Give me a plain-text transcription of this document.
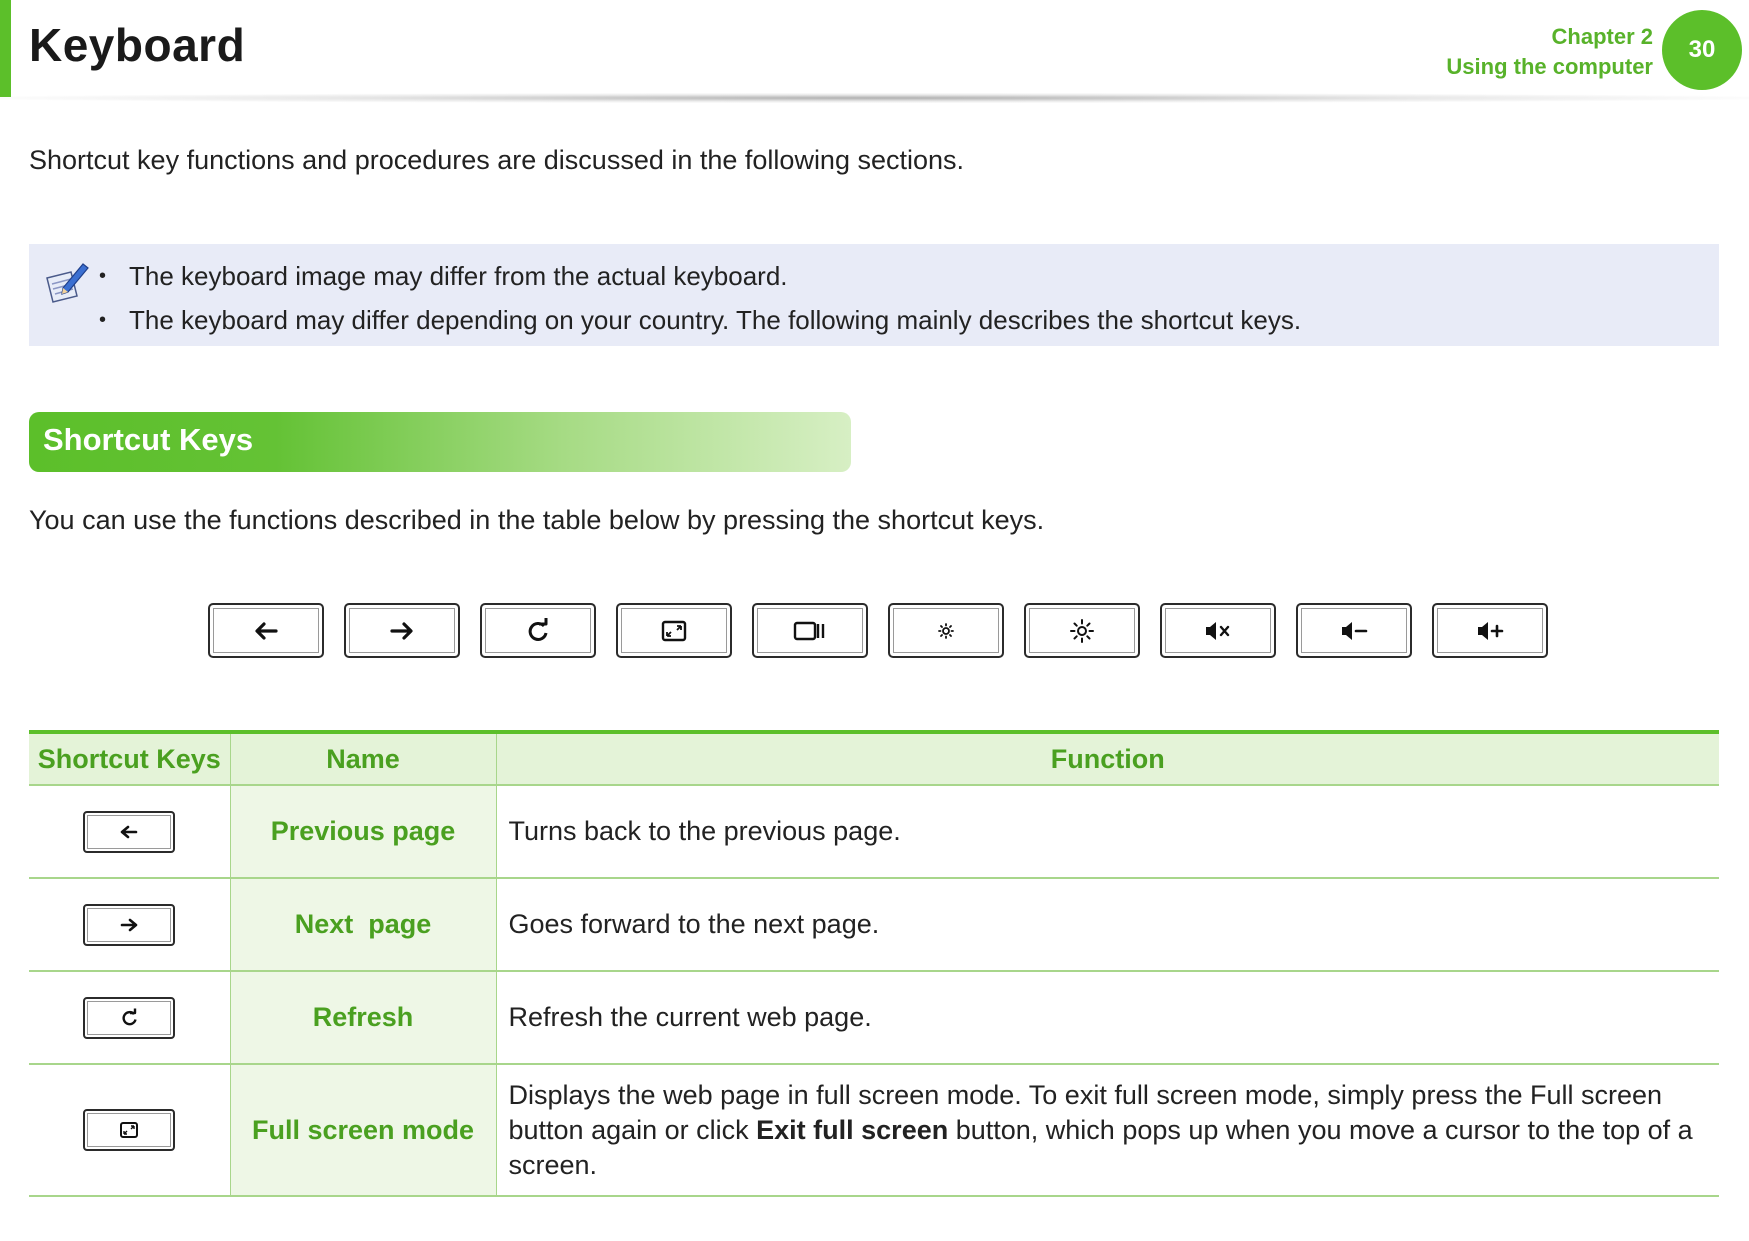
Keyboard	Chapter 2
Using the computer
30
Shortcut key functions and procedures are discussed in the following sections.
• The keyboard image may differ from the actual keyboard.
• The keyboard may differ depending on your country. The following mainly describes the shortcut keys.
Shortcut Keys
You can use the functions described in the table below by pressing the shortcut keys.
Shortcut Keys	Name	Function

	Previous page	Turns back to the previous page.

	Next  page	Goes forward to the next page.

	Refresh	Refresh the current web page.

	Full screen mode	Displays the web page in full screen mode. To exit full screen mode, simply press the Full screen button again or click Exit full screen button, which pops up when you move a cursor to the top of a screen.
